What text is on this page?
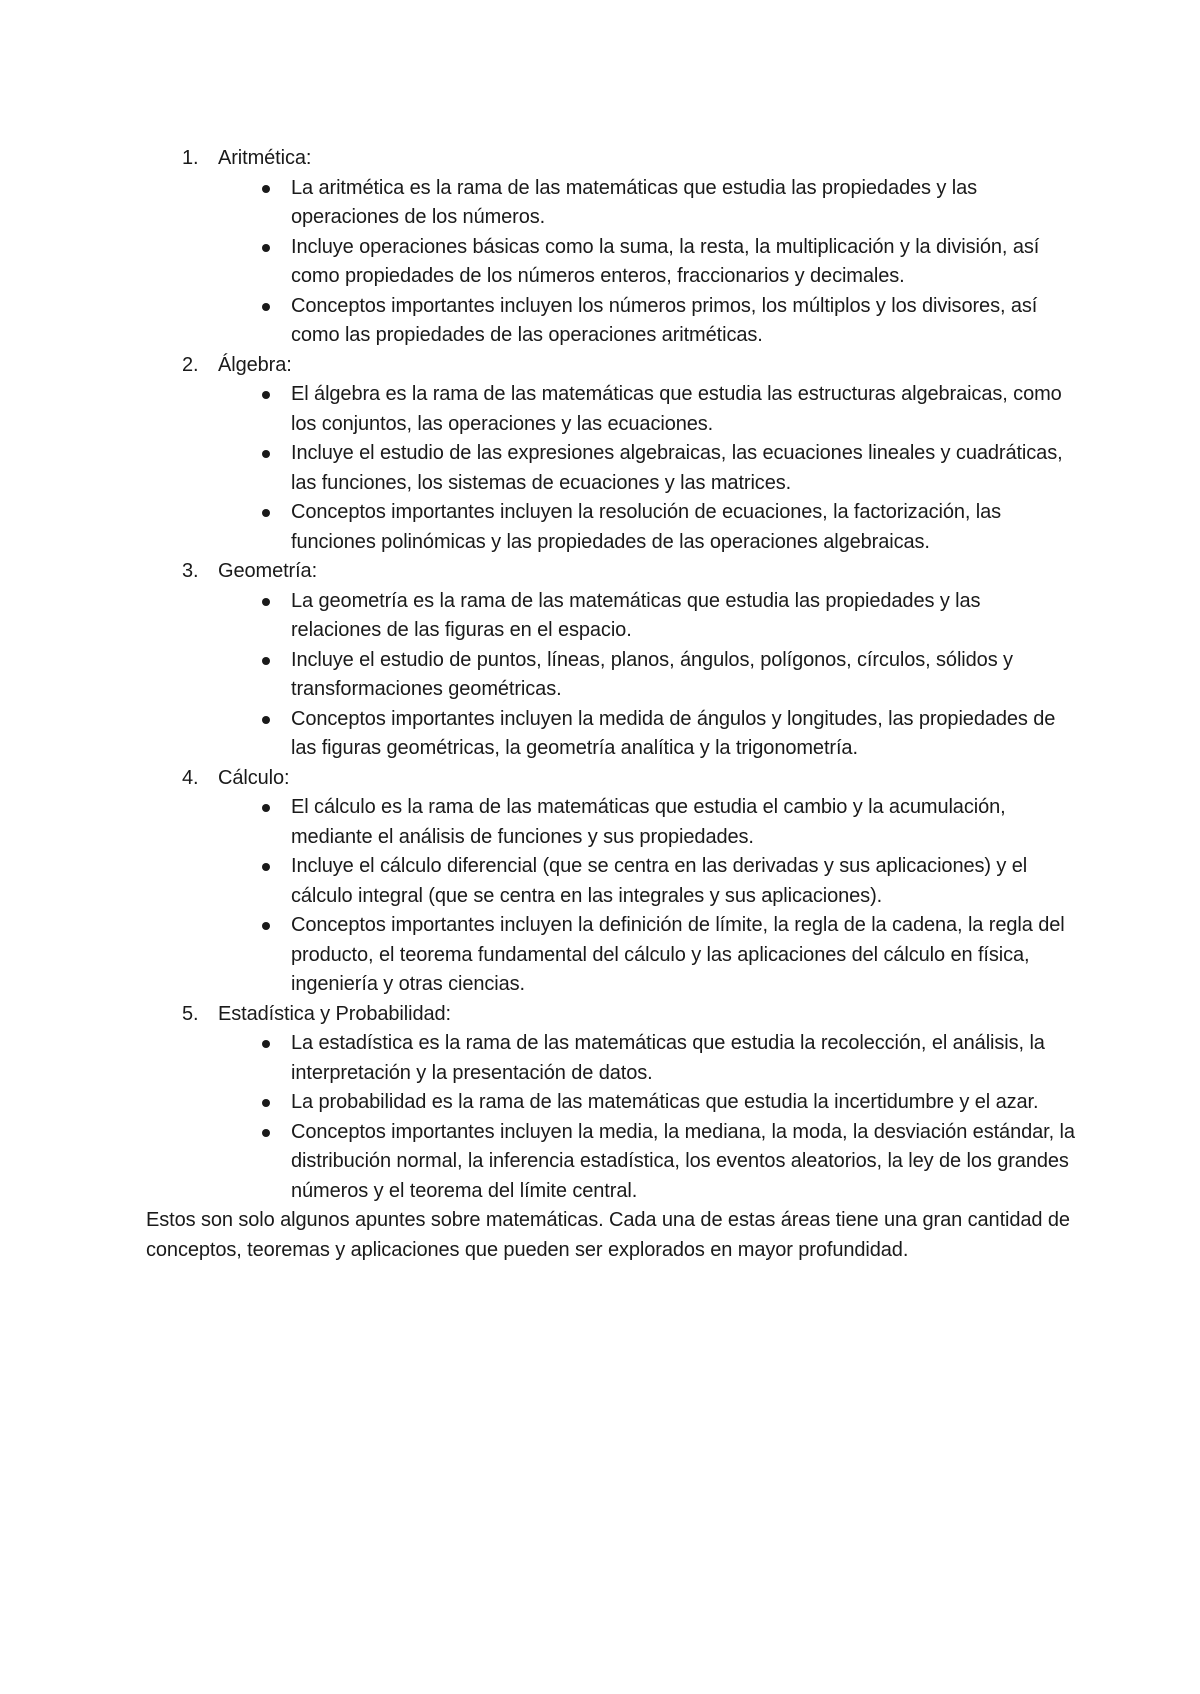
1. Aritmética:
La aritmética es la rama de las matemáticas que estudia las propiedades y las operaciones de los números.
Incluye operaciones básicas como la suma, la resta, la multiplicación y la división, así como propiedades de los números enteros, fraccionarios y decimales.
Conceptos importantes incluyen los números primos, los múltiplos y los divisores, así como las propiedades de las operaciones aritméticas.
2. Álgebra:
El álgebra es la rama de las matemáticas que estudia las estructuras algebraicas, como los conjuntos, las operaciones y las ecuaciones.
Incluye el estudio de las expresiones algebraicas, las ecuaciones lineales y cuadráticas, las funciones, los sistemas de ecuaciones y las matrices.
Conceptos importantes incluyen la resolución de ecuaciones, la factorización, las funciones polinómicas y las propiedades de las operaciones algebraicas.
3. Geometría:
La geometría es la rama de las matemáticas que estudia las propiedades y las relaciones de las figuras en el espacio.
Incluye el estudio de puntos, líneas, planos, ángulos, polígonos, círculos, sólidos y transformaciones geométricas.
Conceptos importantes incluyen la medida de ángulos y longitudes, las propiedades de las figuras geométricas, la geometría analítica y la trigonometría.
4. Cálculo:
El cálculo es la rama de las matemáticas que estudia el cambio y la acumulación, mediante el análisis de funciones y sus propiedades.
Incluye el cálculo diferencial (que se centra en las derivadas y sus aplicaciones) y el cálculo integral (que se centra en las integrales y sus aplicaciones).
Conceptos importantes incluyen la definición de límite, la regla de la cadena, la regla del producto, el teorema fundamental del cálculo y las aplicaciones del cálculo en física, ingeniería y otras ciencias.
5. Estadística y Probabilidad:
La estadística es la rama de las matemáticas que estudia la recolección, el análisis, la interpretación y la presentación de datos.
La probabilidad es la rama de las matemáticas que estudia la incertidumbre y el azar.
Conceptos importantes incluyen la media, la mediana, la moda, la desviación estándar, la distribución normal, la inferencia estadística, los eventos aleatorios, la ley de los grandes números y el teorema del límite central.

Estos son solo algunos apuntes sobre matemáticas. Cada una de estas áreas tiene una gran cantidad de conceptos, teoremas y aplicaciones que pueden ser explorados en mayor profundidad.
